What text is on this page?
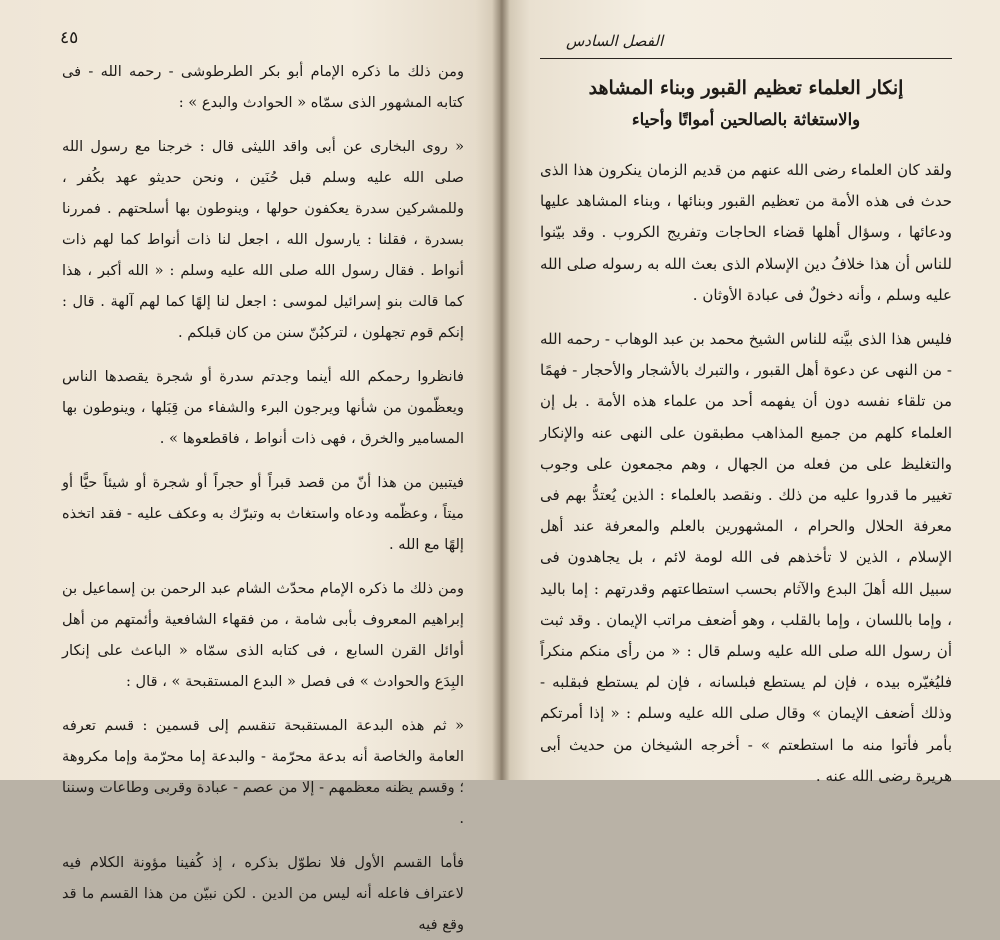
٤٥

ومن ذلك ما ذكره الإمام أبو بكر الطرطوشى - رحمه الله - فى كتابه المشهور الذى سمّاه « الحوادث والبدع » :

« روى البخارى عن أبى واقد الليثى قال : خرجنا مع رسول الله صلى الله عليه وسلم قبل حُنَين ، ونحن حديثو عهد بكُفر ، وللمشركين سدرة يعكفون حولها ، وينوطون بها أسلحتهم . فمررنا بسدرة ، فقلنا : يارسول الله ، اجعل لنا ذات أنواط كما لهم ذات أنواط . فقال رسول الله صلى الله عليه وسلم : « الله أكبر ، هذا كما قالت بنو إسرائيل لموسى : اجعل لنا إلهًا كما لهم آلهة . قال : إنكم قوم تجهلون ، لتركبُنّ سنن من كان قبلكم .

فانظروا رحمكم الله أينما وجدتم سدرة أو شجرة يقصدها الناس ويعظّمون من شأنها ويرجون البرء والشفاء من قِبَلها ، وينوطون بها المسامير والخرق ، فهى ذات أنواط ، فاقطعوها » .

فيتبين من هذا أنّ من قصد قبراً أو حجراً أو شجرة أو شيئاً حيًّا أو ميتاً ، وعظّمه ودعاه واستغاث به وتبرّك به وعكف عليه - فقد اتخذه إلهًا مع الله .

ومن ذلك ما ذكره الإمام محدّث الشام عبد الرحمن بن إسماعيل بن إبراهيم المعروف بأبى شامة ، من فقهاء الشافعية وأئمتهم من أهل أوائل القرن السابع ، فى كتابه الذى سمّاه « الباعث على إنكار البِدَع والحوادث » فى فصل « البدع المستقبحة » ، قال :

« ثم هذه البدعة المستقبحة تنقسم إلى قسمين : قسم تعرفه العامة والخاصة أنه بدعة محرّمة - والبدعة إما محرّمة وإما مكروهة ؛ وقسم يظنه معظمهم - إلا من عصم - عبادة وقربى وطاعات وسننا .

فأما القسم الأول فلا نطوّل بذكره ، إذ كُفينا مؤونة الكلام فيه لاعتراف فاعله أنه ليس من الدين . لكن نبيّن من هذا القسم ما قد وقع فيه

الفصل السادس
إنكار العلماء تعظيم القبور وبناء المشاهد
والاستغاثة بالصالحين أمواتًا وأحياء

ولقد كان العلماء رضى الله عنهم من قديم الزمان ينكرون هذا الذى حدث فى هذه الأمة من تعظيم القبور وبنائها ، وبناء المشاهد عليها ودعائها ، وسؤال أهلها قضاء الحاجات وتفريج الكروب . وقد بيّنوا للناس أن هذا خلافُ دين الإسلام الذى بعث الله به رسوله صلى الله عليه وسلم ، وأنه دخولٌ فى عبادة الأوثان .

فليس هذا الذى بيَّنه للناس الشيخ محمد بن عبد الوهاب - رحمه الله - من النهى عن دعوة أهل القبور ، والتبرك بالأشجار والأحجار - فهمًا من تلقاء نفسه دون أن يفهمه أحد من علماء هذه الأمة . بل إن العلماء كلهم من جميع المذاهب مطبقون على النهى عنه والإنكار والتغليظ على من فعله من الجهال ، وهم مجمعون على وجوب تغيير ما قدروا عليه من ذلك . ونقصد بالعلماء : الذين يُعتدُّ بهم فى معرفة الحلال والحرام ، المشهورين بالعلم والمعرفة عند أهل الإسلام ، الذين لا تأخذهم فى الله لومة لائم ، بل يجاهدون فى سبيل الله أهلَ البدع والآثام بحسب استطاعتهم وقدرتهم : إما باليد ، وإما باللسان ، وإما بالقلب ، وهو أضعف مراتب الإيمان . وقد ثبت أن رسول الله صلى الله عليه وسلم قال : « من رأى منكم منكراً فليُغيّره بيده ، فإن لم يستطع فبلسانه ، فإن لم يستطع فبقلبه - وذلك أضعف الإيمان » وقال صلى الله عليه وسلم : « إذا أمرتكم بأمر فأتوا منه ما استطعتم » - أخرجه الشيخان من حديث أبى هريرة رضى الله عنه .
